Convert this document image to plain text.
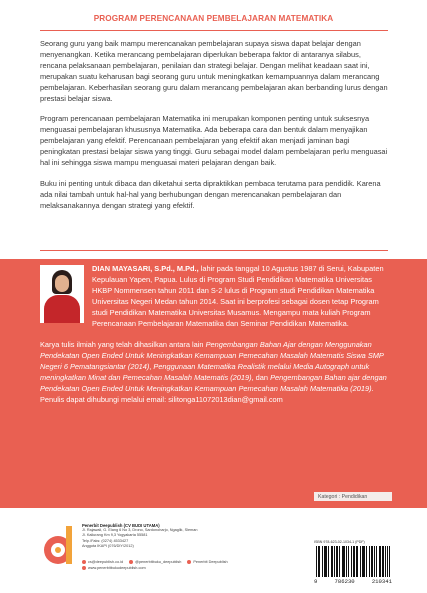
PROGRAM PERENCANAAN PEMBELAJARAN MATEMATIKA

Seorang guru yang baik mampu merencanakan pembelajaran supaya siswa dapat belajar dengan menyenangkan. Ketika merancang pembelajaran diperlukan beberapa faktor di antaranya silabus, rencana pelaksanaan pembelajaran, penilaian dan strategi belajar. Dengan melihat keadaan saat ini, merupakan suatu keharusan bagi seorang guru untuk meningkatkan kemampuannya dalam merancang pembelajaran. Keberhasilan seorang guru dalam merancang pembelajaran akan berbanding lurus dengan prestasi belajar siswa.

Program perencanaan pembelajaran Matematika ini merupakan komponen penting untuk suksesnya menguasai pembelajaran khususnya Matematika. Ada beberapa cara dan bentuk dalam menyajikan pembelajaran yang efektif. Perencanaan pembelajaran yang efektif akan menjadi jaminan bagi peningkatan prestasi belajar siswa yang tinggi. Guru sebagai model dalam pembelajaran perlu menguasai hal ini sehingga siswa mampu menguasai materi pelajaran dengan baik.

Buku ini penting untuk dibaca dan diketahui serta dipraktikkan pembaca terutama para pendidik. Karena ada nilai tambah untuk hal-hal yang berhubungan dengan merencanakan pembelajaran dan melaksanakannya dengan strategi yang efektif.

DIAN MAYASARI, S.Pd., M.Pd., lahir pada tanggal 10 Agustus 1987 di Serui, Kabupaten Kepulauan Yapen, Papua. Lulus di Program Studi Pendidikan Matematika Universitas HKBP Nommensen tahun 2011 dan S-2 lulus di Program studi Pendidikan Matematika Universitas Negeri Medan tahun 2014. Saat ini berprofesi sebagai dosen tetap Program studi Pendidikan Matematika Universitas Musamus. Mengampu mata kuliah Program Perencanaan Pembelajaran Matematika dan Seminar Pendidikan Matematika.

Karya tulis ilmiah yang telah dihasilkan antara lain Pengembangan Bahan Ajar dengan Menggunakan Pendekatan Open Ended Untuk Meningkatkan Kemampuan Pemecahan Masalah Matematis Siswa SMP Negeri 6 Pematangsiantar (2014), Penggunaan Matematika Realistik melalui Media Autograph untuk meningkatkan Minat dan Pemecahan Masalah Matematis (2019), dan Pengembangan Bahan ajar dengan Pendekatan Open Ended Untuk Meningkatkan Kemampuan Pemecahan Masalah Matematika (2019). Penulis dapat dihubungi melalui email: silitonga11072013dian@gmail.com

Kategori : Pendidikan
Penerbit Deepublish (CV BUDI UTAMA)
Jl. Rajawali, G. Elang 6 No 3, Drono, Sardonoharjo, Ngaglik, Sleman
Jl. Kaliurang Km 9,3 Yogyakarta 55581
Telp./Faks: (0274) 4533427
Anggota IKAPI (076/DIY/2012)
cs@deepublish.co.id	@penerbitbuku_deepublish	Penerbit Deepublish
www.penerbitbukudeepublish.com
ISBN 978-623-02-1034-1 (PDF)
9	786230	210341
